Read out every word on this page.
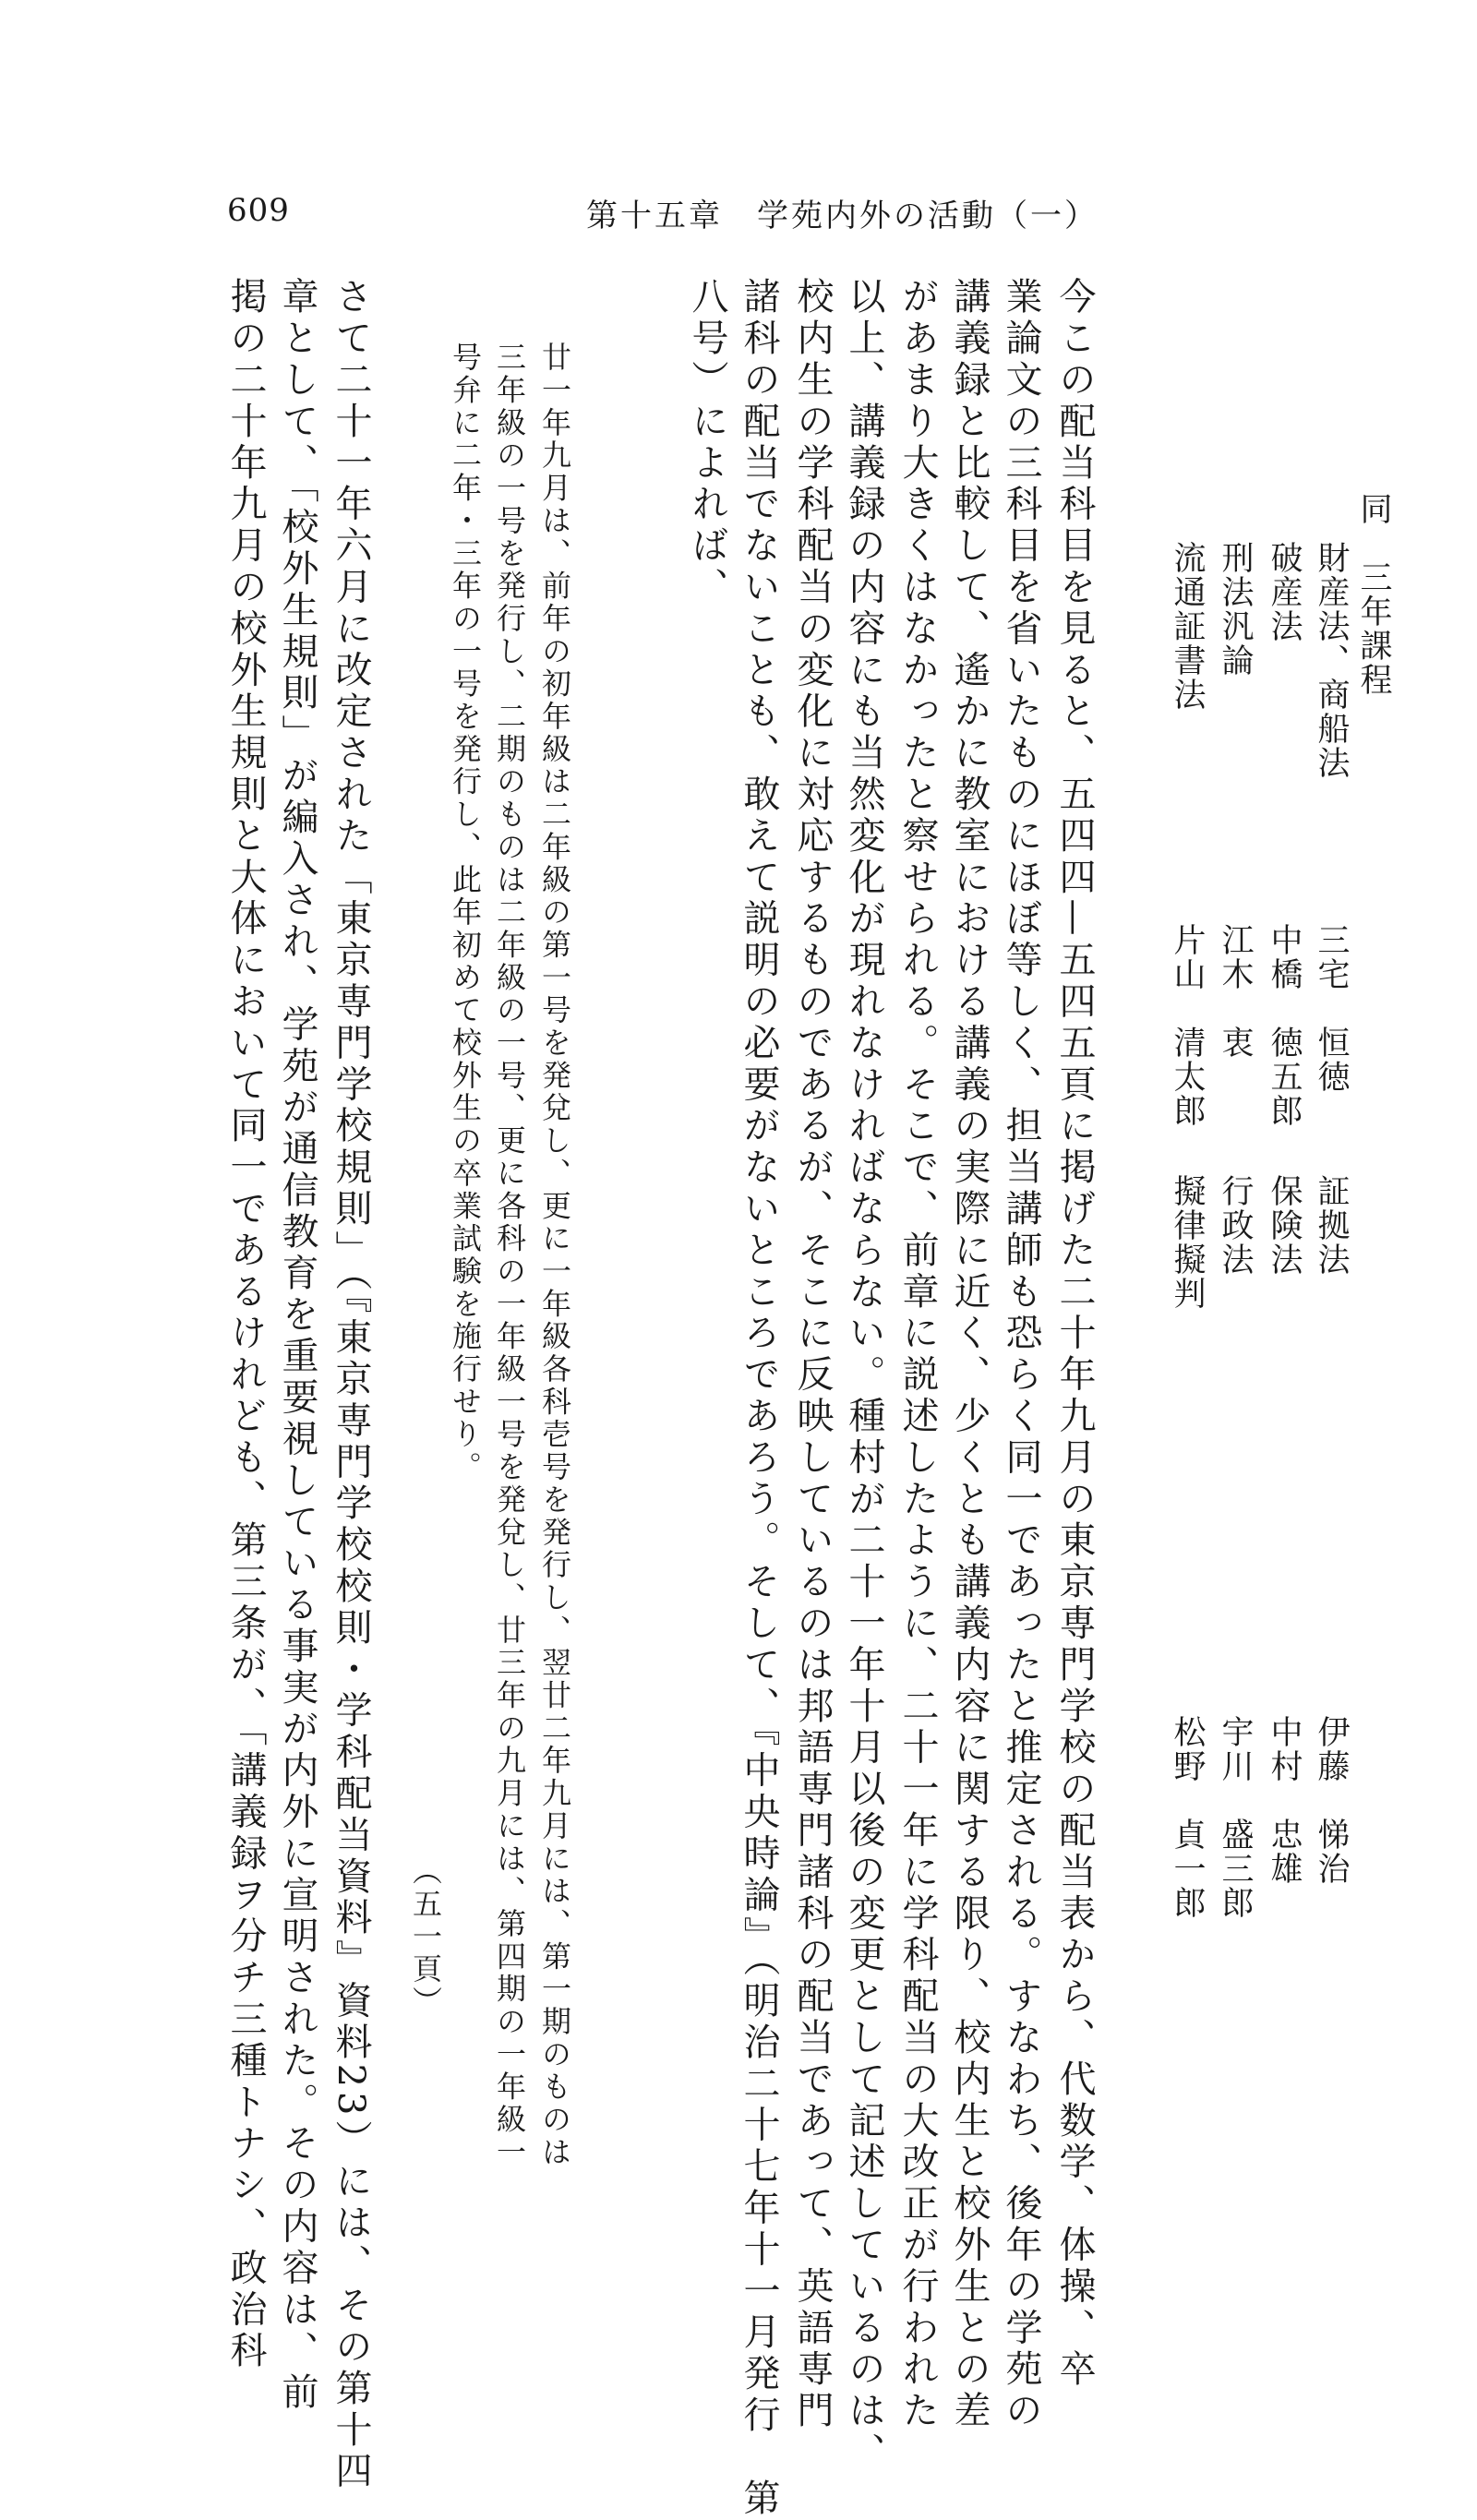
609	第十五章　学苑内外の活動（一）
同　三年課程
財産法、商船法
破産法
刑法汎論
流通証書法
三宅　恒徳
中橋　徳五郎
江木　衷
片山　清太郎
証拠法
保険法
行政法
擬律擬判
伊藤　悌治
中村　忠雄
宇川　盛三郎
松野　貞一郎
今この配当科目を見ると、五四四—五四五頁に掲げた二十年九月の東京専門学校の配当表から、代数学、体操、卒
業論文の三科目を省いたものにほぼ等しく、担当講師も恐らく同一であったと推定される。すなわち、後年の学苑の
講義録と比較して、遙かに教室における講義の実際に近く、少くとも講義内容に関する限り、校内生と校外生との差
があまり大きくはなかったと察せられる。そこで、前章に説述したように、二十一年に学科配当の大改正が行われた
以上、講義録の内容にも当然変化が現れなければならない。種村が二十一年十月以後の変更として記述しているのは、
校内生の学科配当の変化に対応するものであるが、そこに反映しているのは邦語専門諸科の配当であって、英語専門
諸科の配当でないことも、敢えて説明の必要がないところであろう。そして、『中央時論』（明治二十七年十一月発行　第
八号）によれば、
廿一年九月は、前年の初年級は二年級の第一号を発兌し、更に一年級各科壱号を発行し、翌廿二年九月には、第一期のものは
三年級の一号を発行し、二期のものは二年級の一号、更に各科の一年級一号を発兌し、廿三年の九月には、第四期の一年級一
号弁に二年・三年の一号を発行し、此年初めて校外生の卒業試験を施行せり。
（五一頁）
さて二十一年六月に改定された「東京専門学校規則」（『東京専門学校校則・学科配当資料』資料23）には、その第十四
章として、「校外生規則」が編入され、学苑が通信教育を重要視している事実が内外に宣明された。その内容は、前
掲の二十年九月の校外生規則と大体において同一であるけれども、第三条が、「講義録ヲ分チ三種トナシ、政治科
